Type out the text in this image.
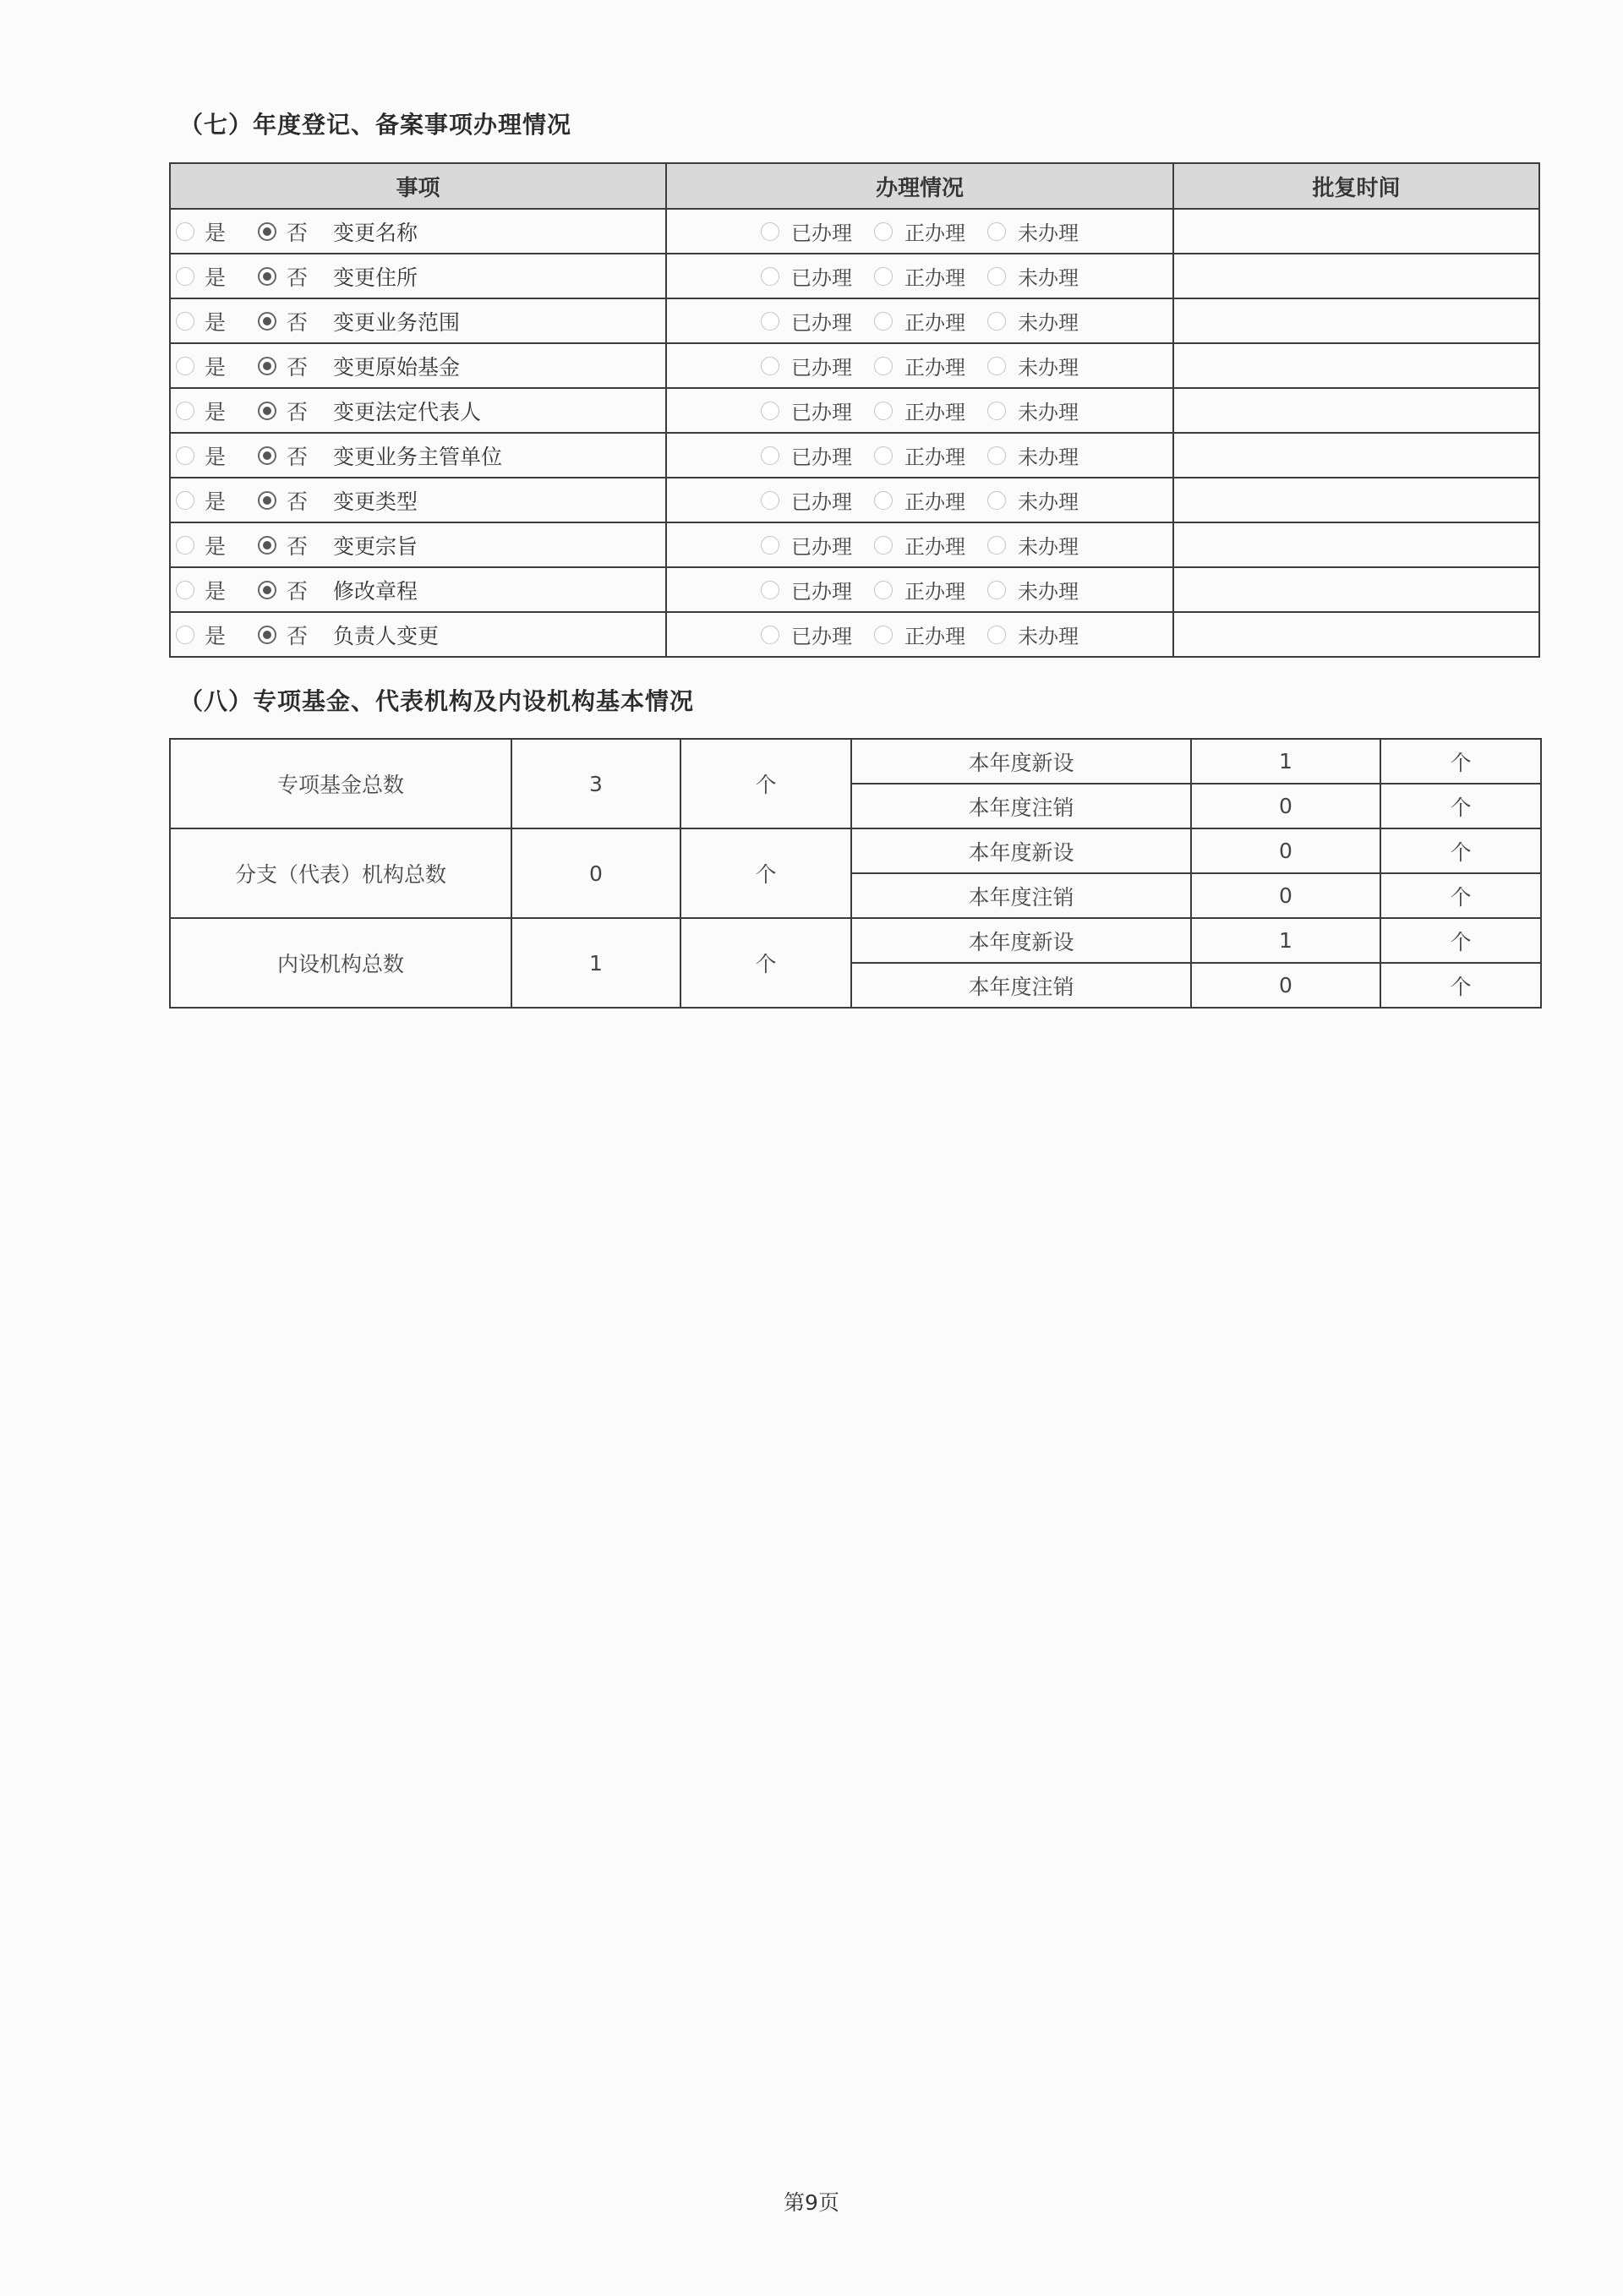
（七）年度登记、备案事项办理情况
事项	办理情况	批复时间
是 否 变更名称	已办理 正办理 未办理	
是 否 变更住所	已办理 正办理 未办理	
是 否 变更业务范围	已办理 正办理 未办理	
是 否 变更原始基金	已办理 正办理 未办理	
是 否 变更法定代表人	已办理 正办理 未办理	
是 否 变更业务主管单位	已办理 正办理 未办理	
是 否 变更类型	已办理 正办理 未办理	
是 否 变更宗旨	已办理 正办理 未办理	
是 否 修改章程	已办理 正办理 未办理	
是 否 负责人变更	已办理 正办理 未办理	
（八）专项基金、代表机构及内设机构基本情况
专项基金总数	3	个	本年度新设	1	个
			本年度注销	0	个
分支（代表）机构总数	0	个	本年度新设	0	个
			本年度注销	0	个
内设机构总数	1	个	本年度新设	1	个
			本年度注销	0	个
第9页
